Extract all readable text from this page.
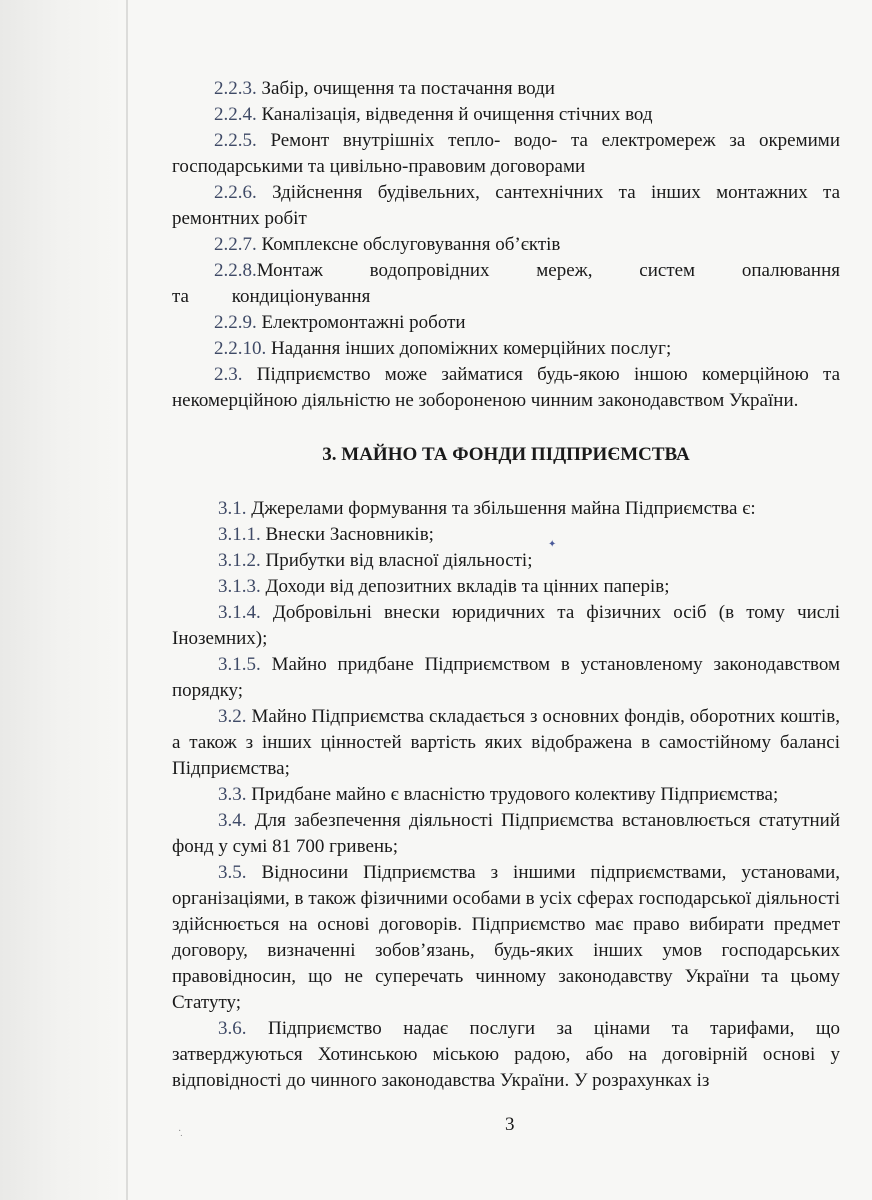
2.2.3. Забір, очищення та постачання води

2.2.4. Каналізація, відведення й очищення стічних вод

2.2.5. Ремонт внутрішніх тепло- водо- та електромереж за окремими господарськими та цивільно-правовим договорами

2.2.6. Здійснення будівельних, сантехнічних та інших монтажних та ремонтних робіт

2.2.7. Комплексне обслуговування об’єктів

2.2.8.Монтаж водопровідних мереж, систем опалювання та кондиціонування

2.2.9. Електромонтажні роботи

2.2.10. Надання інших допоміжних комерційних послуг;

2.3. Підприємство може займатися будь-якою іншою комерційною та некомерційною діяльністю не зобороненою чинним законодавством України.

3. МАЙНО ТА ФОНДИ ПІДПРИЄМСТВА

3.1. Джерелами формування та збільшення майна Підприємства є:

3.1.1. Внески Засновників;

3.1.2. Прибутки від власної діяльності;

3.1.3. Доходи від депозитних вкладів та цінних паперів;

3.1.4. Добровільні внески юридичних та фізичних осіб (в тому числі Іноземних);

3.1.5. Майно придбане Підприємством в установленому законодавством порядку;

3.2. Майно Підприємства складається з основних фондів, оборотних коштів, а також з інших цінностей вартість яких відображена в самостійному балансі Підприємства;

3.3. Придбане майно є власністю трудового колективу Підприємства;

3.4. Для забезпечення діяльності Підприємства встановлюється статутний фонд у сумі 81 700 гривень;

3.5. Відносини Підприємства з іншими підприємствами, установами, організаціями, в також фізичними особами в усіх сферах господарської діяльності здійснюється на основі договорів. Підприємство має право вибирати предмет договору, визначенні зобов’язань, будь-яких інших умов господарських правовідносин, що не суперечать чинному законодавству України та цьому Статуту;

3.6. Підприємство надає послуги за цінами та тарифами, що затверджуються Хотинською міською радою, або на договірній основі у відповідності до чинного законодавства України. У розрахунках із

✦
·̣	3
